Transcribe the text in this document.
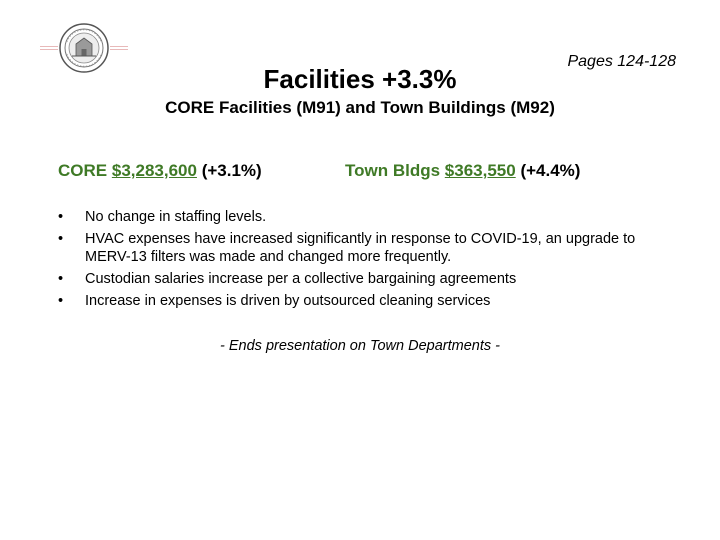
Pages 124-128
Facilities +3.3%
CORE Facilities (M91) and Town Buildings (M92)
CORE $3,283,600 (+3.1%)	Town Bldgs $363,550 (+4.4%)
• No change in staffing levels.
• HVAC expenses have increased significantly in response to COVID-19, an upgrade to MERV-13 filters was made and changed more frequently.
• Custodian salaries increase per a collective bargaining agreements
• Increase in expenses is driven by outsourced cleaning services
- Ends presentation on Town Departments -
